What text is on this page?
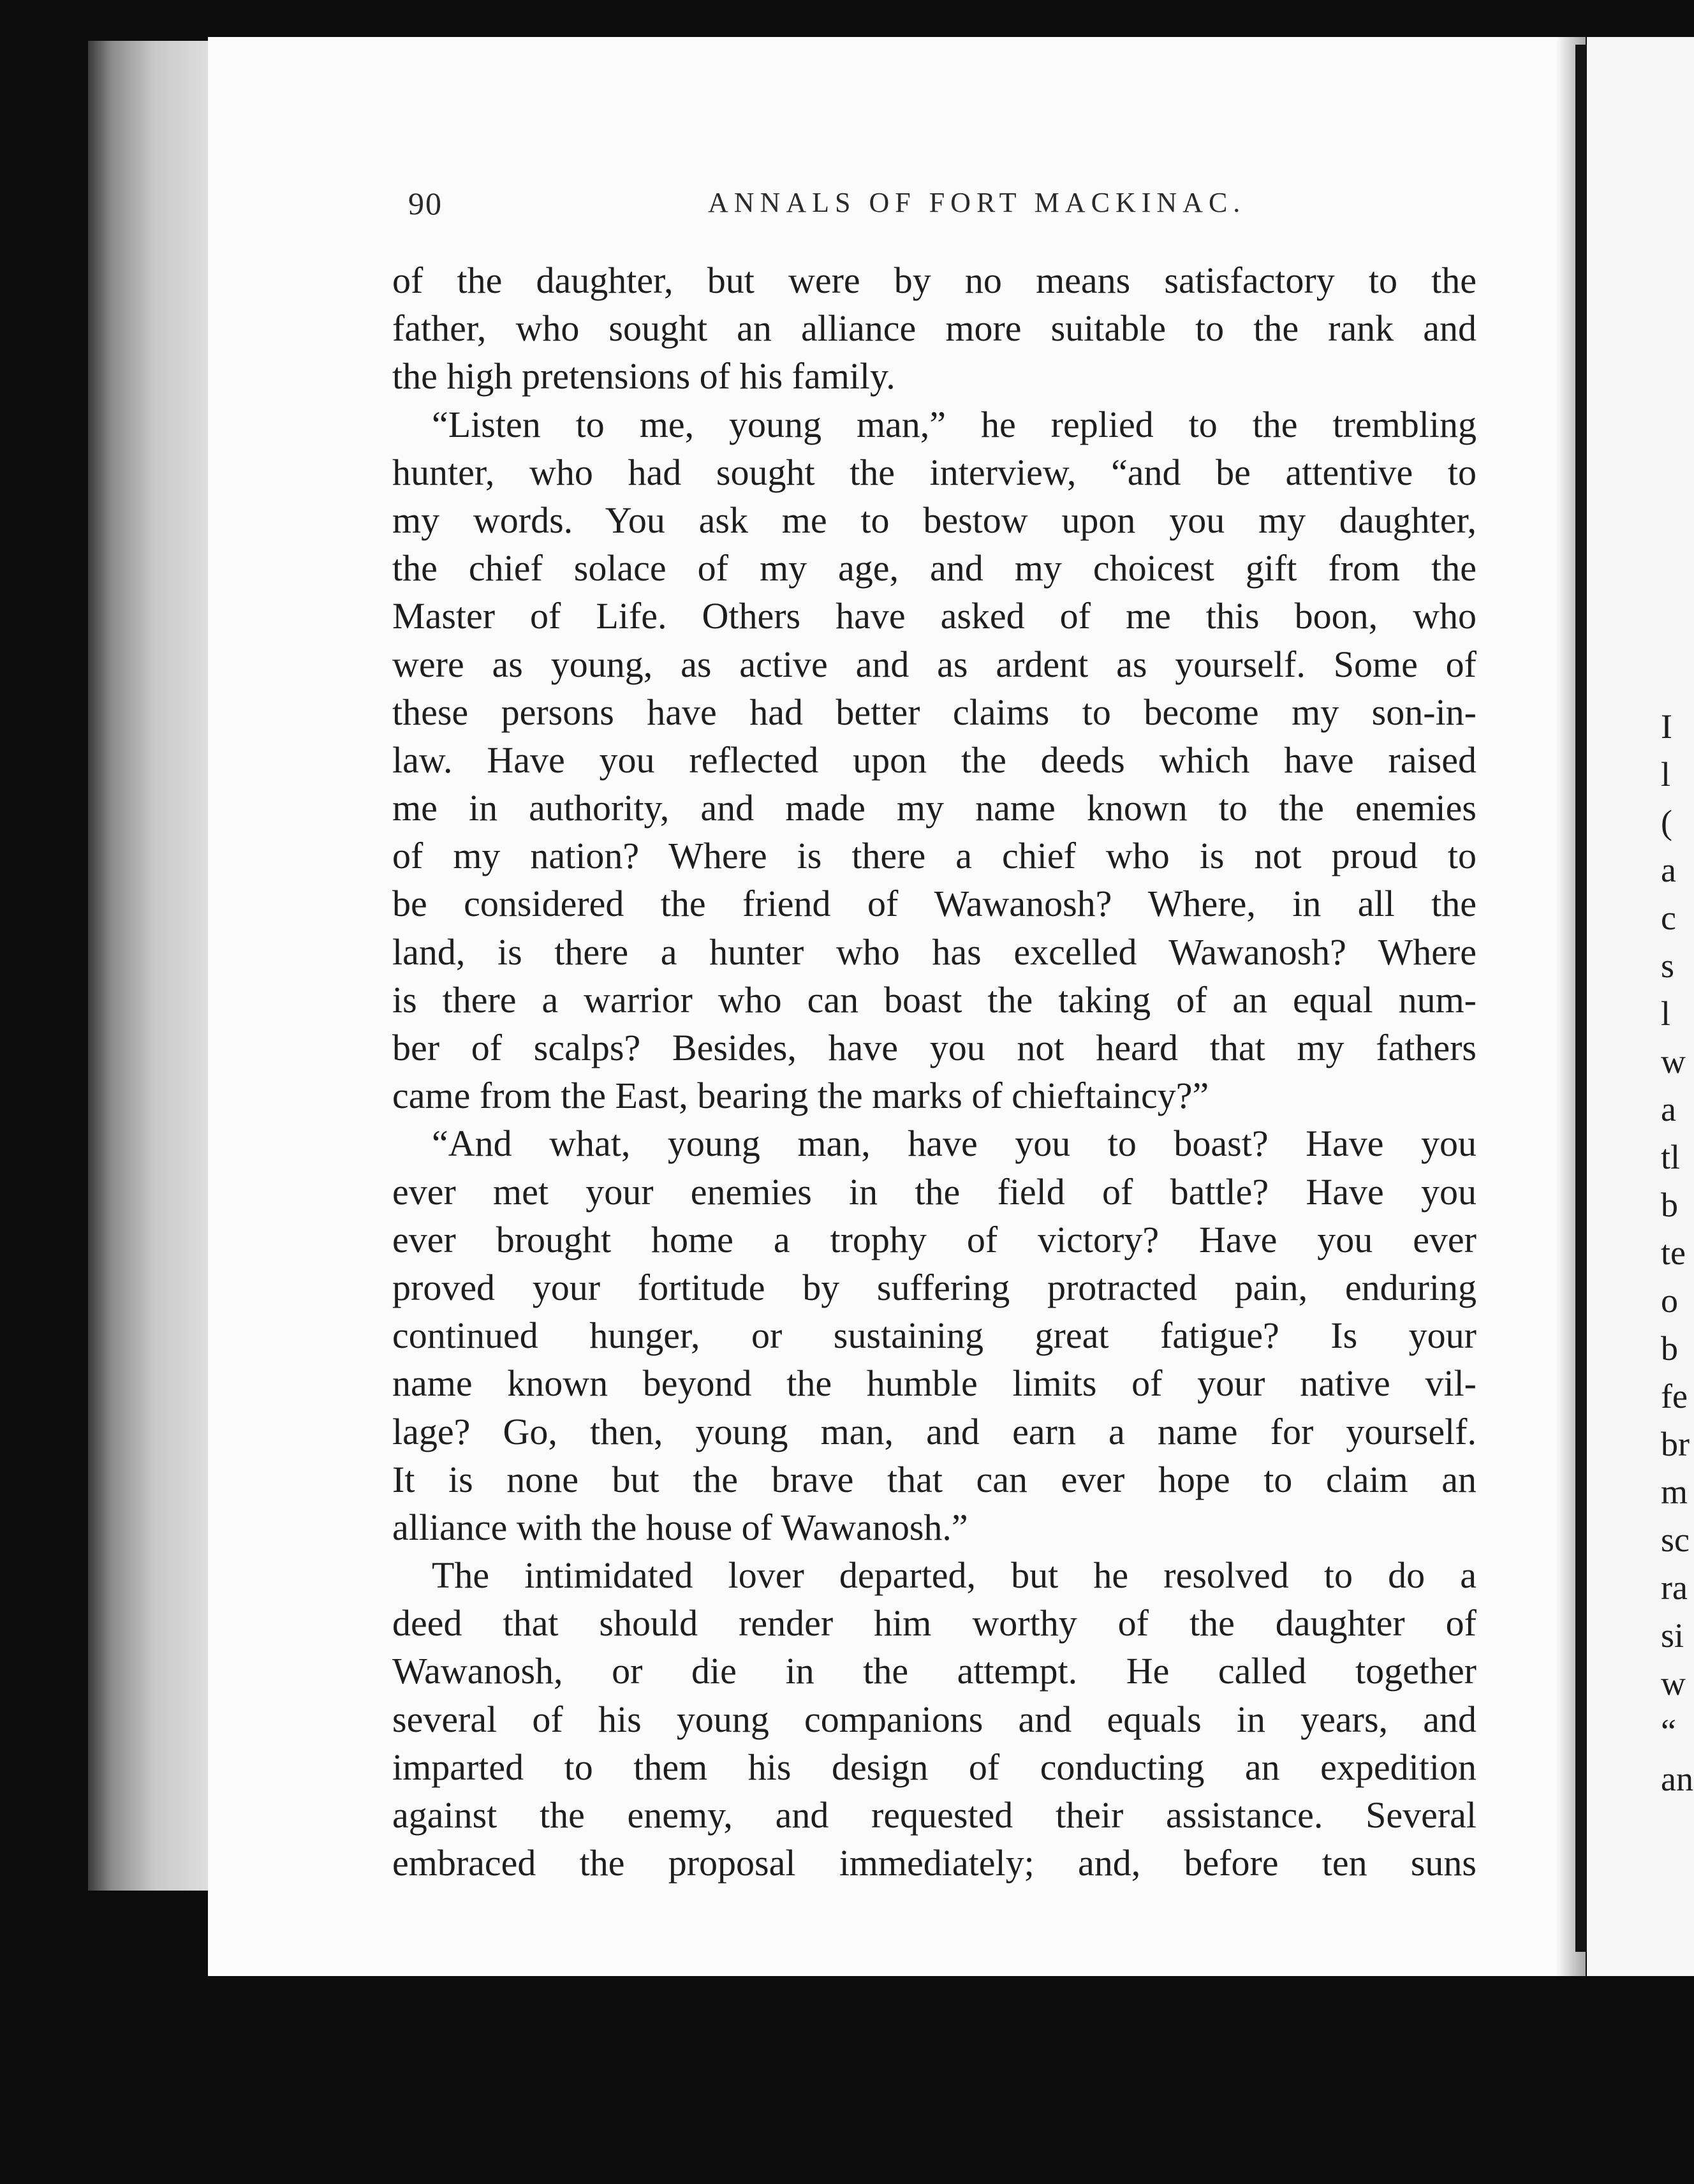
I
l
(
a
c
s
l
w
a
tl
b
te
o
b
fe
br
m
sc
ra
si
w
“
an
90	ANNALS OF FORT MACKINAC.
of the daughter, but were by no means satisfactory to the
father, who sought an alliance more suitable to the rank and
the high pretensions of his family.
“Listen to me, young man,” he replied to the trembling
hunter, who had sought the interview, “and be attentive to
my words. You ask me to bestow upon you my daughter,
the chief solace of my age, and my choicest gift from the
Master of Life. Others have asked of me this boon, who
were as young, as active and as ardent as yourself. Some of
these persons have had better claims to become my son-in-
law. Have you reflected upon the deeds which have raised
me in authority, and made my name known to the enemies
of my nation? Where is there a chief who is not proud to
be considered the friend of Wawanosh? Where, in all the
land, is there a hunter who has excelled Wawanosh? Where
is there a warrior who can boast the taking of an equal num-
ber of scalps? Besides, have you not heard that my fathers
came from the East, bearing the marks of chieftaincy?”
“And what, young man, have you to boast? Have you
ever met your enemies in the field of battle? Have you
ever brought home a trophy of victory? Have you ever
proved your fortitude by suffering protracted pain, enduring
continued hunger, or sustaining great fatigue? Is your
name known beyond the humble limits of your native vil-
lage? Go, then, young man, and earn a name for yourself.
It is none but the brave that can ever hope to claim an
alliance with the house of Wawanosh.”
The intimidated lover departed, but he resolved to do a
deed that should render him worthy of the daughter of
Wawanosh, or die in the attempt. He called together
several of his young companions and equals in years, and
imparted to them his design of conducting an expedition
against the enemy, and requested their assistance. Several
embraced the proposal immediately; and, before ten suns
